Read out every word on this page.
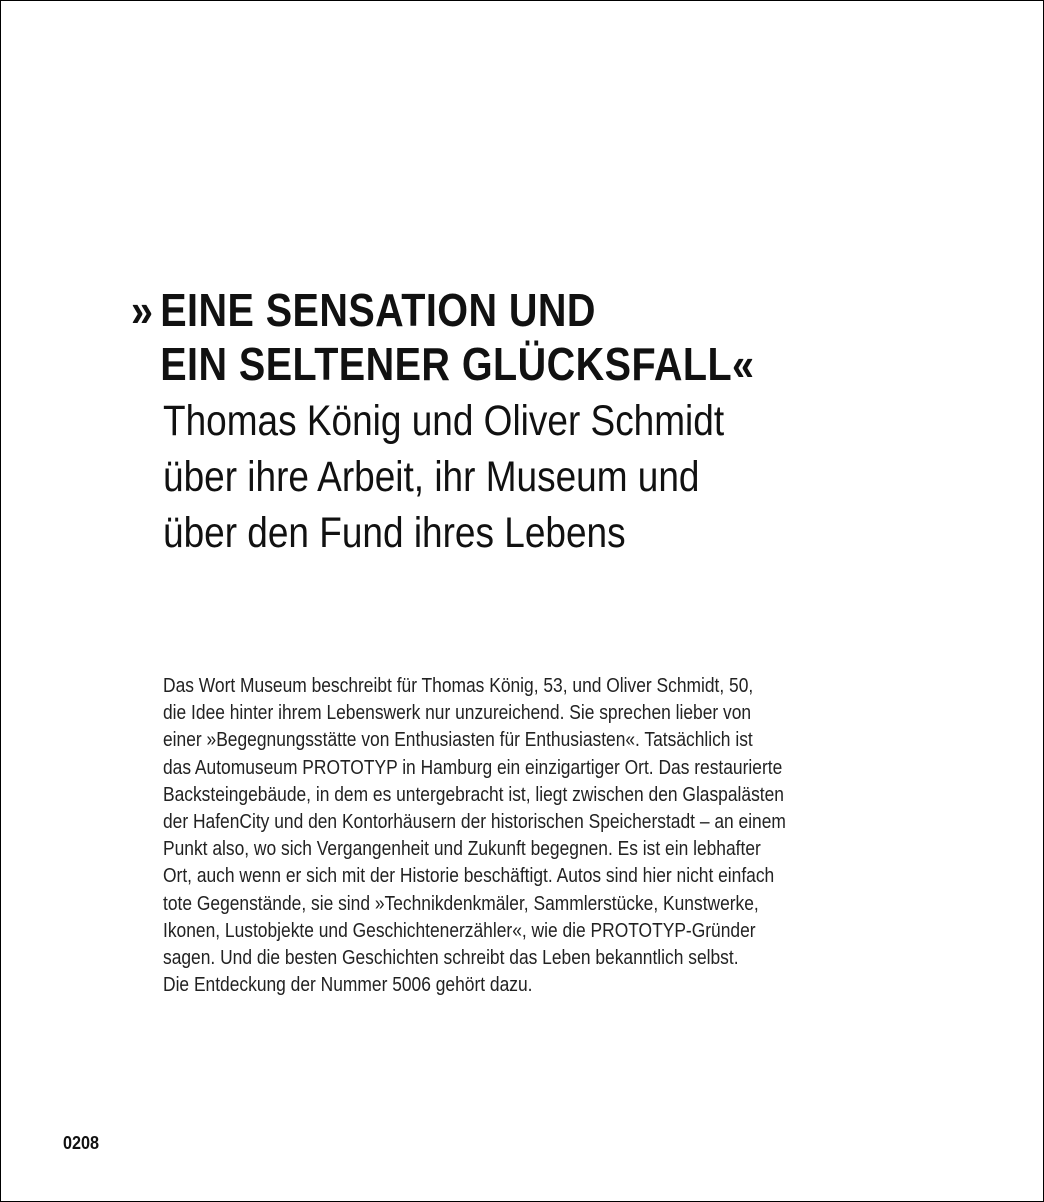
» EINE SENSATION UND
EIN SELTENER GLÜCKSFALL«
Thomas König und Oliver Schmidt
über ihre Arbeit, ihr Museum und
über den Fund ihres Lebens

Das Wort Museum beschreibt für Thomas König, 53, und Oliver Schmidt, 50,
die Idee hinter ihrem Lebenswerk nur unzureichend. Sie sprechen lieber von
einer »Begegnungsstätte von Enthusiasten für Enthusiasten«. Tatsächlich ist
das Automuseum PROTOTYP in Hamburg ein einzigartiger Ort. Das restaurierte
Backsteingebäude, in dem es untergebracht ist, liegt zwischen den Glaspalästen
der HafenCity und den Kontorhäusern der historischen Speicherstadt – an einem
Punkt also, wo sich Vergangenheit und Zukunft begegnen. Es ist ein lebhafter
Ort, auch wenn er sich mit der Historie beschäftigt. Autos sind hier nicht einfach
tote Gegenstände, sie sind »Technikdenkmäler, Sammlerstücke, Kunstwerke,
Ikonen, Lustobjekte und Geschichtenerzähler«, wie die PROTOTYP-Gründer
sagen. Und die besten Geschichten schreibt das Leben bekanntlich selbst.
Die Entdeckung der Nummer 5006 gehört dazu.

0208
